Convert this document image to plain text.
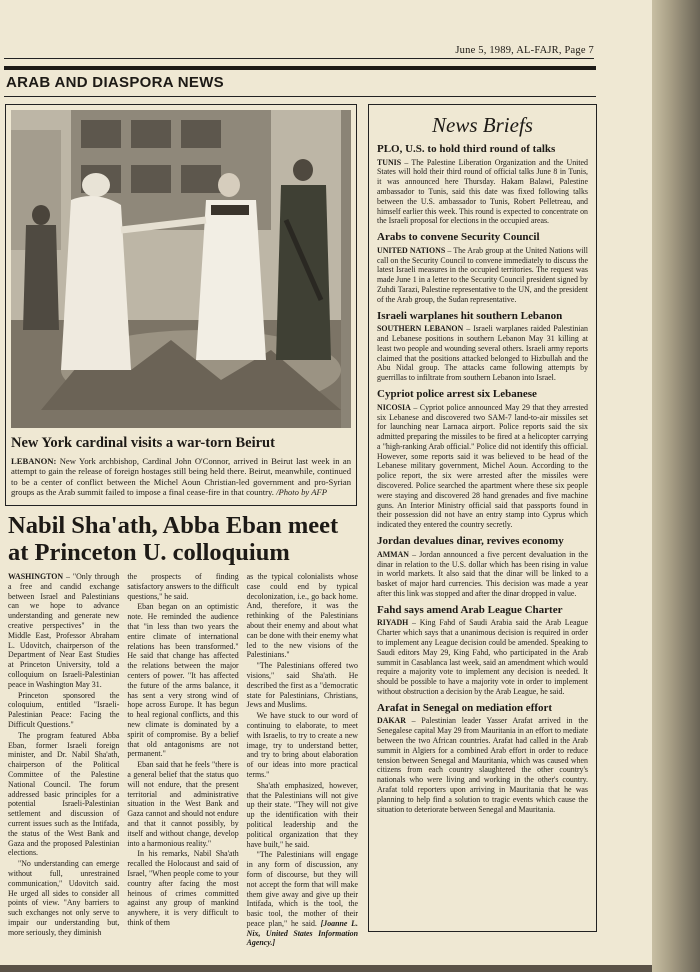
June 5, 1989, AL-FAJR, Page 7
ARAB AND DIASPORA NEWS
New York cardinal visits a war-torn Beirut
LEBANON: New York archbishop, Cardinal John O'Connor, arrived in Beirut last week in an attempt to gain the release of foreign hostages still being held there. Beirut, meanwhile, continued to be a center of conflict between the Michel Aoun Christian-led government and pro-Syrian groups as the Arab summit failed to impose a final cease-fire in that country. /Photo by AFP
News Briefs
PLO, U.S. to hold third round of talks
TUNIS – The Palestine Liberation Organization and the United States will hold their third round of official talks June 8 in Tunis, it was announced here Thursday. Hakam Balawi, Palestine ambassador to Tunis, said this date was fixed following talks between the U.S. ambassador to Tunis, Robert Pelletreau, and himself earlier this week. This round is expected to concentrate on the Israeli proposal for elections in the occupied areas.
Arabs to convene Security Council
UNITED NATIONS – The Arab group at the United Nations will call on the Security Council to convene immediately to discuss the latest Israeli measures in the occupied territories. The request was made June 1 in a letter to the Security Council president signed by Zuhdi Tarazi, Palestine representative to the UN, and the president of the Arab group, the Sudan representative.
Israeli warplanes hit southern Lebanon
SOUTHERN LEBANON – Israeli warplanes raided Palestinian and Lebanese positions in southern Lebanon May 31 killing at least two people and wounding several others. Israeli army reports claimed that the positions attacked belonged to Hizbullah and the Abu Nidal group. The attacks came following attempts by guerrillas to infiltrate from southern Lebanon into Israel.
Cypriot police arrest six Lebanese
NICOSIA – Cypriot police announced May 29 that they arrested six Lebanese and discovered two SAM-7 land-to-air missiles set for launching near Larnaca airport. Police reports said the six admitted preparing the missiles to be fired at a helicopter carrying a "high-ranking Arab official." Police did not identify this official. However, some reports said it was believed to be head of the Lebanese military government, Michel Aoun. According to the police report, the six were arrested after the missiles were discovered. Police searched the apartment where these six people were staying and discovered 28 hand grenades and five machine guns. An Interior Ministry official said that passports found in their possession did not have an entry stamp into Cyprus which indicated they entered the country secretly.
Jordan devalues dinar, revives economy
AMMAN – Jordan announced a five percent devaluation in the dinar in relation to the U.S. dollar which has been rising in value in world markets. It also said that the dinar will be linked to a basket of major hard currencies. This decision was made a year after this link was stopped and after the dinar dropped in value.
Fahd says amend Arab League Charter
RIYADH – King Fahd of Saudi Arabia said the Arab League Charter which says that a unanimous decision is required in order to implement any League decision could be amended. Speaking to Saudi editors May 29, King Fahd, who participated in the Arab summit in Casablanca last week, said an amendment which would require a majority vote to implement any decision is needed. It should be possible to have a majority vote in order to implement without obstruction a decision by the Arab League, he said.
Arafat in Senegal on mediation effort
DAKAR – Palestinian leader Yasser Arafat arrived in the Senegalese capital May 29 from Mauritania in an effort to mediate between the two African countries. Arafat had called in the Arab summit in Algiers for a combined Arab effort in order to reduce tension between Senegal and Mauritania, which was caused when citizens from each country slaughtered the other country's nationals who were living and working in the other's country. Arafat told reporters upon arriving in Mauritania that he was planning to help find a solution to tragic events which cause the situation to deteriorate between Senegal and Mauritania.
Nabil Sha'ath, Abba Eban meet at Princeton U. colloquium

WASHINGTON – "Only through a free and candid exchange between Israel and Palestinians can we hope to advance understanding and generate new creative perspectives" in the Middle East, Professor Abraham L. Udovitch, chairperson of the Department of Near East Studies at Princeton University, told a colloquium on Israeli-Palestinian peace in Washington May 31.

Princeton sponsored the coloquium, entitled "Israeli-Palestinian Peace: Facing the Difficult Questions."

The program featured Abba Eban, former Israeli foreign minister, and Dr. Nabil Sha'ath, chairperson of the Political Committee of the Palestine National Council. The forum addressed basic principles for a potential Israeli-Palestinian settlement and discussion of current issues such as the Intifada, the status of the West Bank and Gaza and the proposed Palestinian elections.

"No understanding can emerge without full, unrestrained communication," Udovitch said. He urged all sides to consider all points of view. "Any barriers to such exchanges not only serve to impair our understanding but, more seriously, they diminish

the prospects of finding satisfactory answers to the difficult questions," he said.

Eban began on an optimistic note. He reminded the audience that "in less than two years the entire climate of international relations has been transformed." He said that change has affected the relations between the major centers of power. "It has affected the future of the arms balance, it has sent a very strong wind of hope across Europe. It has begun to heal regional conflicts, and this new climate is dominated by a spirit of compromise. By a belief that old antagonisms are not permanent."

Eban said that he feels "there is a general belief that the status quo will not endure, that the present territorial and administrative situation in the West Bank and Gaza cannot and should not endure and that it cannot possibly, by itself and without change, develop into a harmonious reality."

In his remarks, Nabil Sha'ath recalled the Holocaust and said of Israel, "When people come to your country after facing the most heinous of crimes committed against any group of mankind anywhere, it is very difficult to think of them

as the typical colonialists whose case could end by typical decolonization, i.e., go back home. And, therefore, it was the rethinking of the Palestinians about their enemy and about what can be done with their enemy what led to the new visions of the Palestinians."

"The Palestinians offered two visions," said Sha'ath. He described the first as a "democratic state for Palestinians, Christians, Jews and Muslims.

We have stuck to our word of continuing to elaborate, to meet with Israelis, to try to create a new image, try to understand better, and try to bring about elaboration of our ideas into more practical terms."

Sha'ath emphasized, however, that the Palestinians will not give up their state. "They will not give up the identification with their political leadership and the political organization that they have built," he said.

"The Palestinians will engage in any form of discussion, any form of discourse, but they will not accept the form that will make them give away and give up their Intifada, which is the tool, the basic tool, the mother of their peace plan," he said. [Joanne L. Nix, United States Information Agency.]
